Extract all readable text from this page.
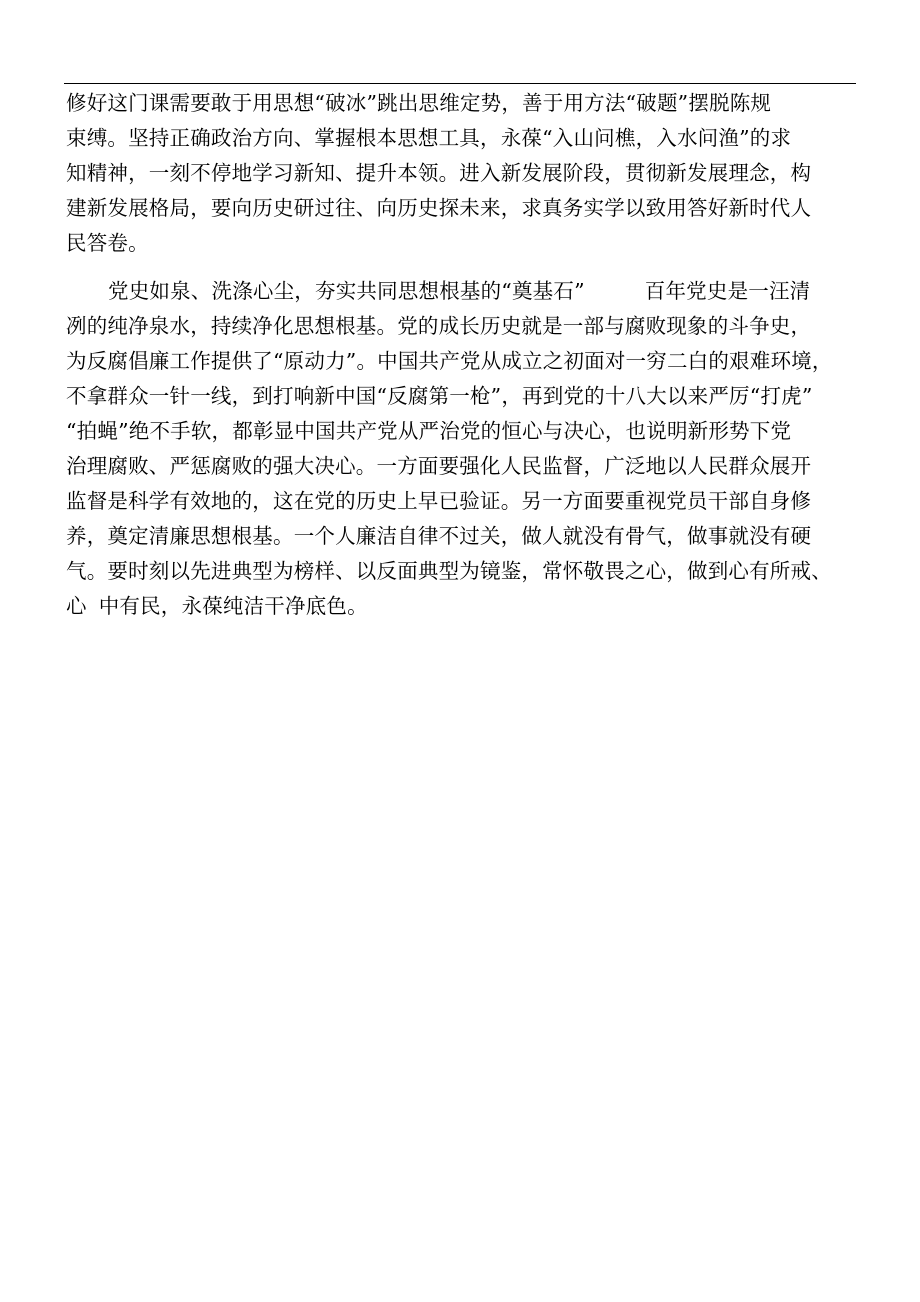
修好这门课需要敢于用思想“破冰”跳出思维定势，善于用方法“破题”摆脱陈规
束缚。坚持正确政治方向、掌握根本思想工具，永葆“入山问樵，入水问渔”的求
知精神，一刻不停地学习新知、提升本领。进入新发展阶段，贯彻新发展理念，构
建新发展格局，要向历史研过往、向历史探未来，求真务实学以致用答好新时代人
民答卷。
党史如泉、洗涤心尘，夯实共同思想根基的“奠基石”	百年党史是一汪清
冽的纯净泉水，持续净化思想根基。党的成长历史就是一部与腐败现象的斗争史，
为反腐倡廉工作提供了“原动力”。中国共产党从成立之初面对一穷二白的艰难环境，
不拿群众一针一线，到打响新中国“反腐第一枪”，再到党的十八大以来严厉“打虎”
“拍蝇”绝不手软，都彰显中国共产党从严治党的恒心与决心，也说明新形势下党
治理腐败、严惩腐败的强大决心。一方面要强化人民监督，广泛地以人民群众展开
监督是科学有效地的，这在党的历史上早已验证。另一方面要重视党员干部自身修
养，奠定清廉思想根基。一个人廉洁自律不过关，做人就没有骨气，做事就没有硬
气。要时刻以先进典型为榜样、以反面典型为镜鉴，常怀敬畏之心，做到心有所戒、
心 中有民，永葆纯洁干净底色。
